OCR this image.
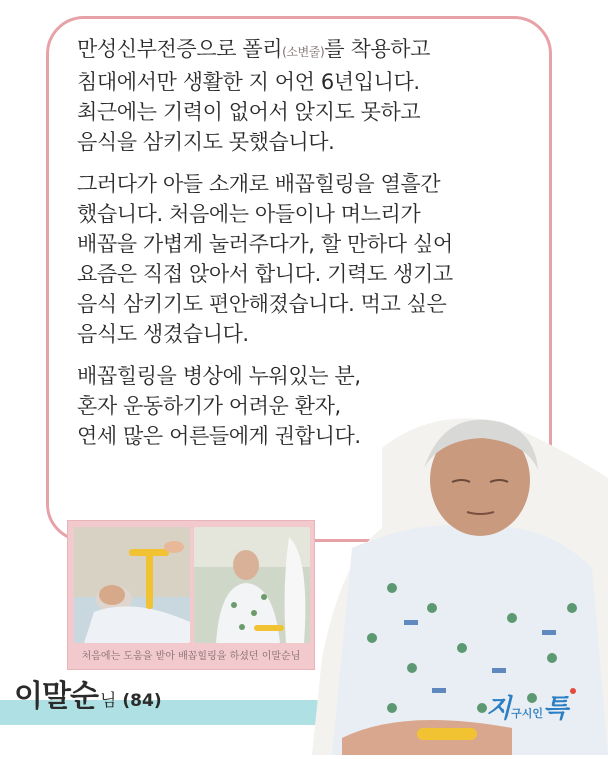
만성신부전증으로 폴리(소변줄)를 착용하고
침대에서만 생활한 지 어언 6년입니다.
최근에는 기력이 없어서 앉지도 못하고
음식을 삼키지도 못했습니다.
그러다가 아들 소개로 배꼽힐링을 열흘간
했습니다. 처음에는 아들이나 며느리가
배꼽을 가볍게 눌러주다가, 할 만하다 싶어
요즘은 직접 앉아서 합니다. 기력도 생기고
음식 삼키기도 편안해졌습니다. 먹고 싶은
음식도 생겼습니다.
배꼽힐링을 병상에 누워있는 분,
혼자 운동하기가 어려운 환자,
연세 많은 어른들에게 권합니다.
처음에는 도움을 받아 배꼽힐링을 하셨던 이말순님
이말순 님 (84)	지구시인특
